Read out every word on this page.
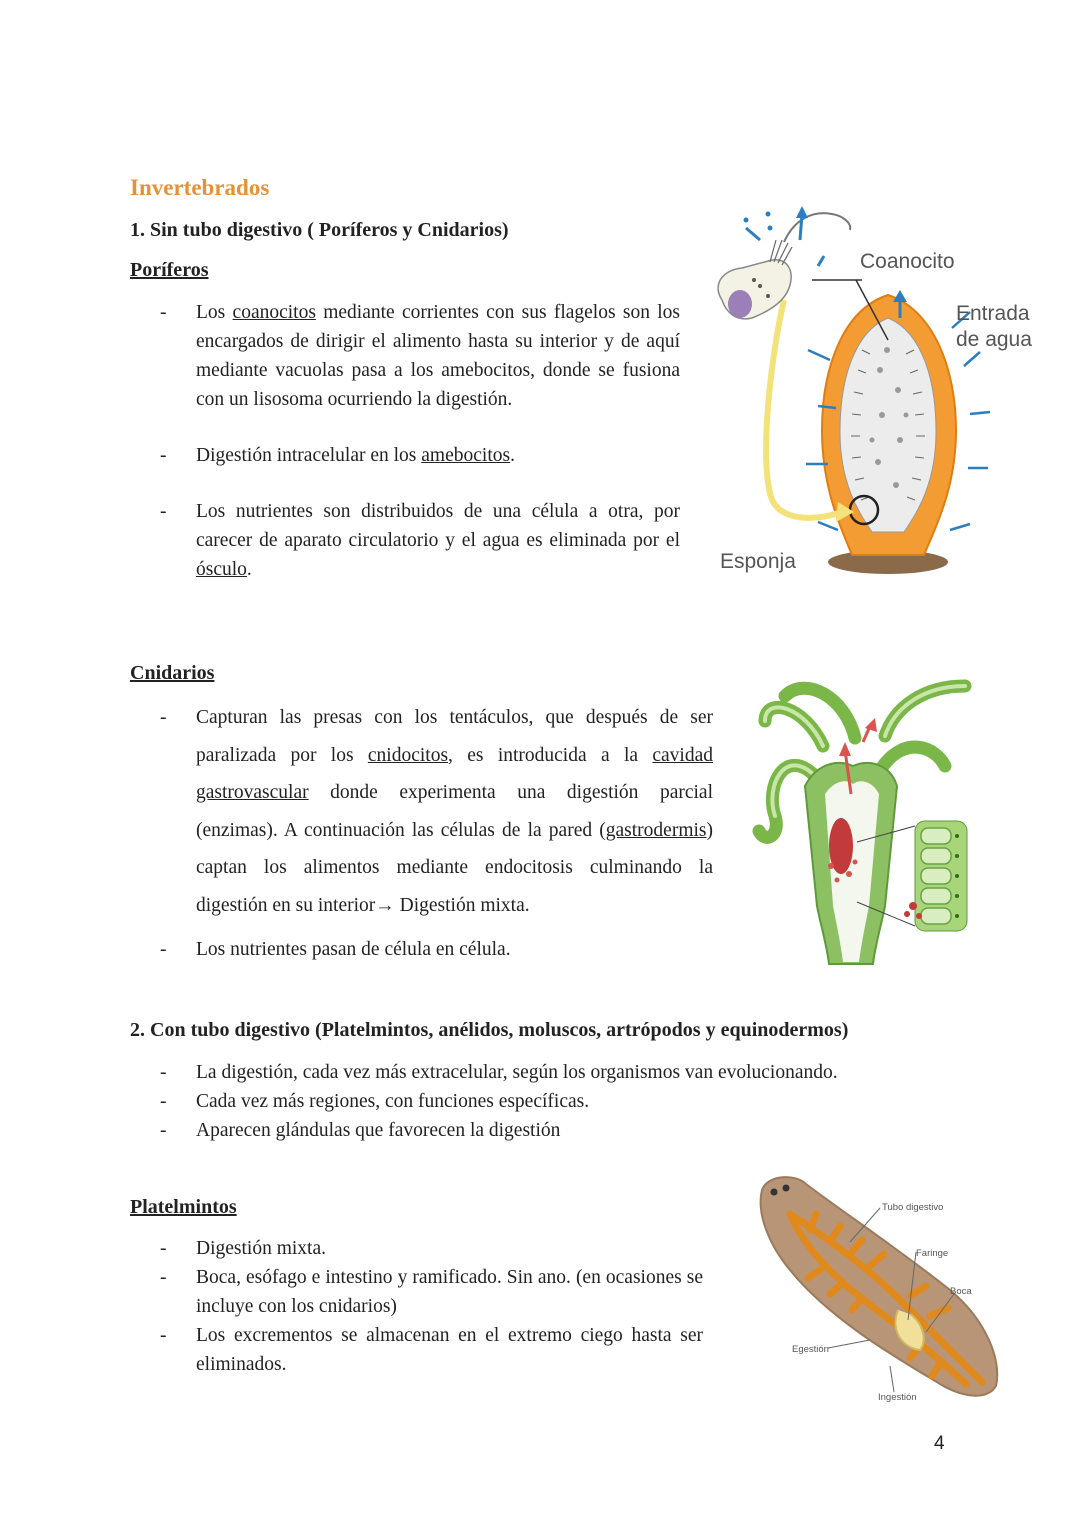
Invertebrados
1. Sin tubo digestivo ( Poríferos y Cnidarios)
Poríferos
- Los coanocitos mediante corrientes con sus flagelos son los encargados de dirigir el alimento hasta su interior y de aquí mediante vacuolas pasa a los amebocitos, donde se fusiona con un lisosoma ocurriendo la digestión.
- Digestión intracelular en los amebocitos.
- Los nutrientes son distribuidos de una célula a otra, por carecer de aparato circulatorio y el agua es eliminada por el ósculo.
Coanocito
Entrada
de agua
Esponja
Cnidarios
- Capturan las presas con los tentáculos, que después de ser paralizada por los cnidocitos, es introducida a la cavidad gastrovascular donde experimenta una digestión parcial (enzimas). A continuación las células de la pared (gastrodermis) captan los alimentos mediante endocitosis culminando la digestión en su interior→ Digestión mixta.
- Los nutrientes pasan de célula en célula.
2. Con tubo digestivo (Platelmintos, anélidos, moluscos, artrópodos y equinodermos)
- La digestión, cada vez más extracelular, según los organismos van evolucionando.
- Cada vez más regiones, con funciones específicas.
- Aparecen glándulas que favorecen la digestión
Platelmintos
- Digestión mixta.
- Boca, esófago e intestino y ramificado. Sin ano. (en ocasiones se incluye con los cnidarios)
- Los excrementos se almacenan en el extremo ciego hasta ser eliminados.
Tubo digestivo
Faringe
Boca
Egestión
Ingestión
4
